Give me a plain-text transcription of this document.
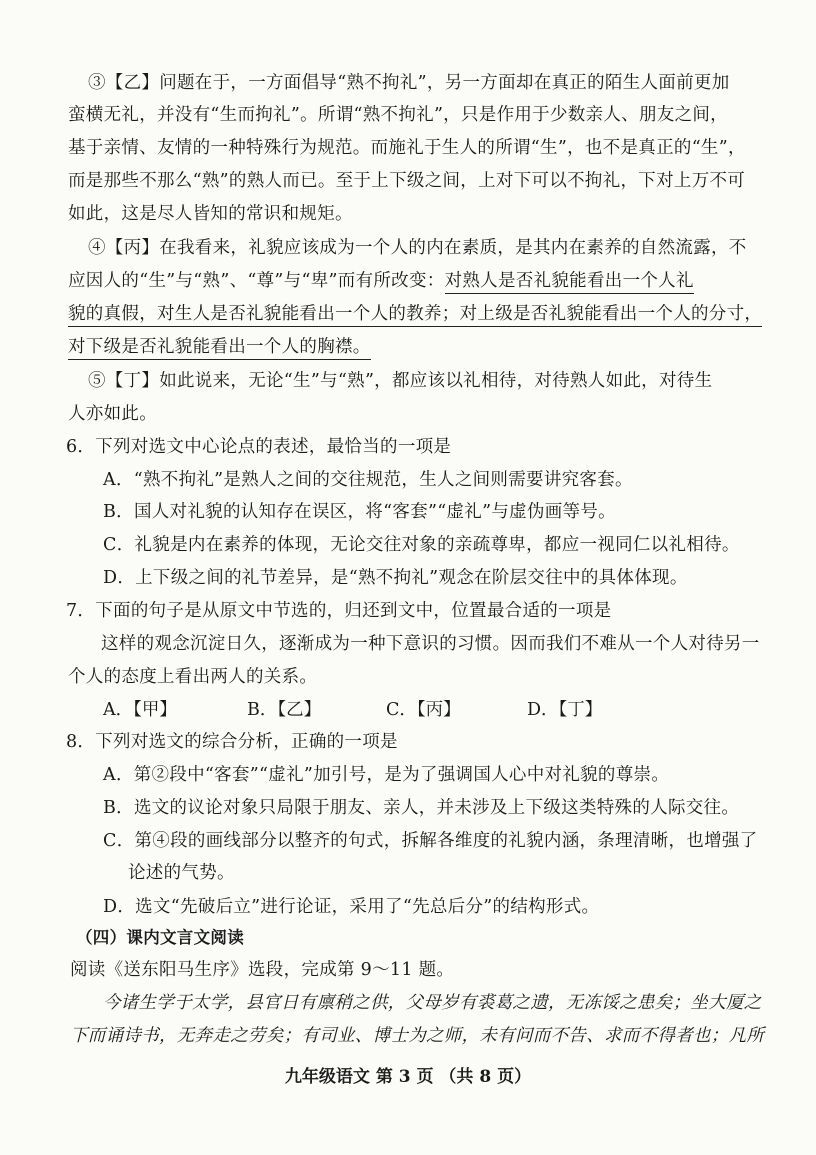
③【乙】问题在于，一方面倡导“熟不拘礼”，另一方面却在真正的陌生人面前更加
蛮横无礼，并没有“生而拘礼”。所谓“熟不拘礼”，只是作用于少数亲人、朋友之间，
基于亲情、友情的一种特殊行为规范。而施礼于生人的所谓“生”，也不是真正的“生”，
而是那些不那么“熟”的熟人而已。至于上下级之间，上对下可以不拘礼，下对上万不可
如此，这是尽人皆知的常识和规矩。
④【丙】在我看来，礼貌应该成为一个人的内在素质，是其内在素养的自然流露，不
应因人的“生”与“熟”、“尊”与“卑”而有所改变：对熟人是否礼貌能看出一个人礼
貌的真假，对生人是否礼貌能看出一个人的教养；对上级是否礼貌能看出一个人的分寸，
对下级是否礼貌能看出一个人的胸襟。
⑤【丁】如此说来，无论“生”与“熟”，都应该以礼相待，对待熟人如此，对待生
人亦如此。
6．下列对选文中心论点的表述，最恰当的一项是
A．“熟不拘礼”是熟人之间的交往规范，生人之间则需要讲究客套。
B．国人对礼貌的认知存在误区，将“客套”“虚礼”与虚伪画等号。
C．礼貌是内在素养的体现，无论交往对象的亲疏尊卑，都应一视同仁以礼相待。
D．上下级之间的礼节差异，是“熟不拘礼”观念在阶层交往中的具体体现。
7．下面的句子是从原文中节选的，归还到文中，位置最合适的一项是
这样的观念沉淀日久，逐渐成为一种下意识的习惯。因而我们不难从一个人对待另一
个人的态度上看出两人的关系。
A．【甲】	B．【乙】	C．【丙】	D．【丁】
8．下列对选文的综合分析，正确的一项是
A．第②段中“客套”“虚礼”加引号，是为了强调国人心中对礼貌的尊崇。
B．选文的议论对象只局限于朋友、亲人，并未涉及上下级这类特殊的人际交往。
C．第④段的画线部分以整齐的句式，拆解各维度的礼貌内涵，条理清晰，也增强了
论述的气势。
D．选文“先破后立”进行论证，采用了“先总后分”的结构形式。
（四）课内文言文阅读
阅读《送东阳马生序》选段，完成第 9～11 题。
今诸生学于太学，县官日有廪稍之供，父母岁有裘葛之遗，无冻馁之患矣；坐大厦之
下而诵诗书，无奔走之劳矣；有司业、博士为之师，未有问而不告、求而不得者也；凡所
九年级语文 第 3 页 （共 8 页）
